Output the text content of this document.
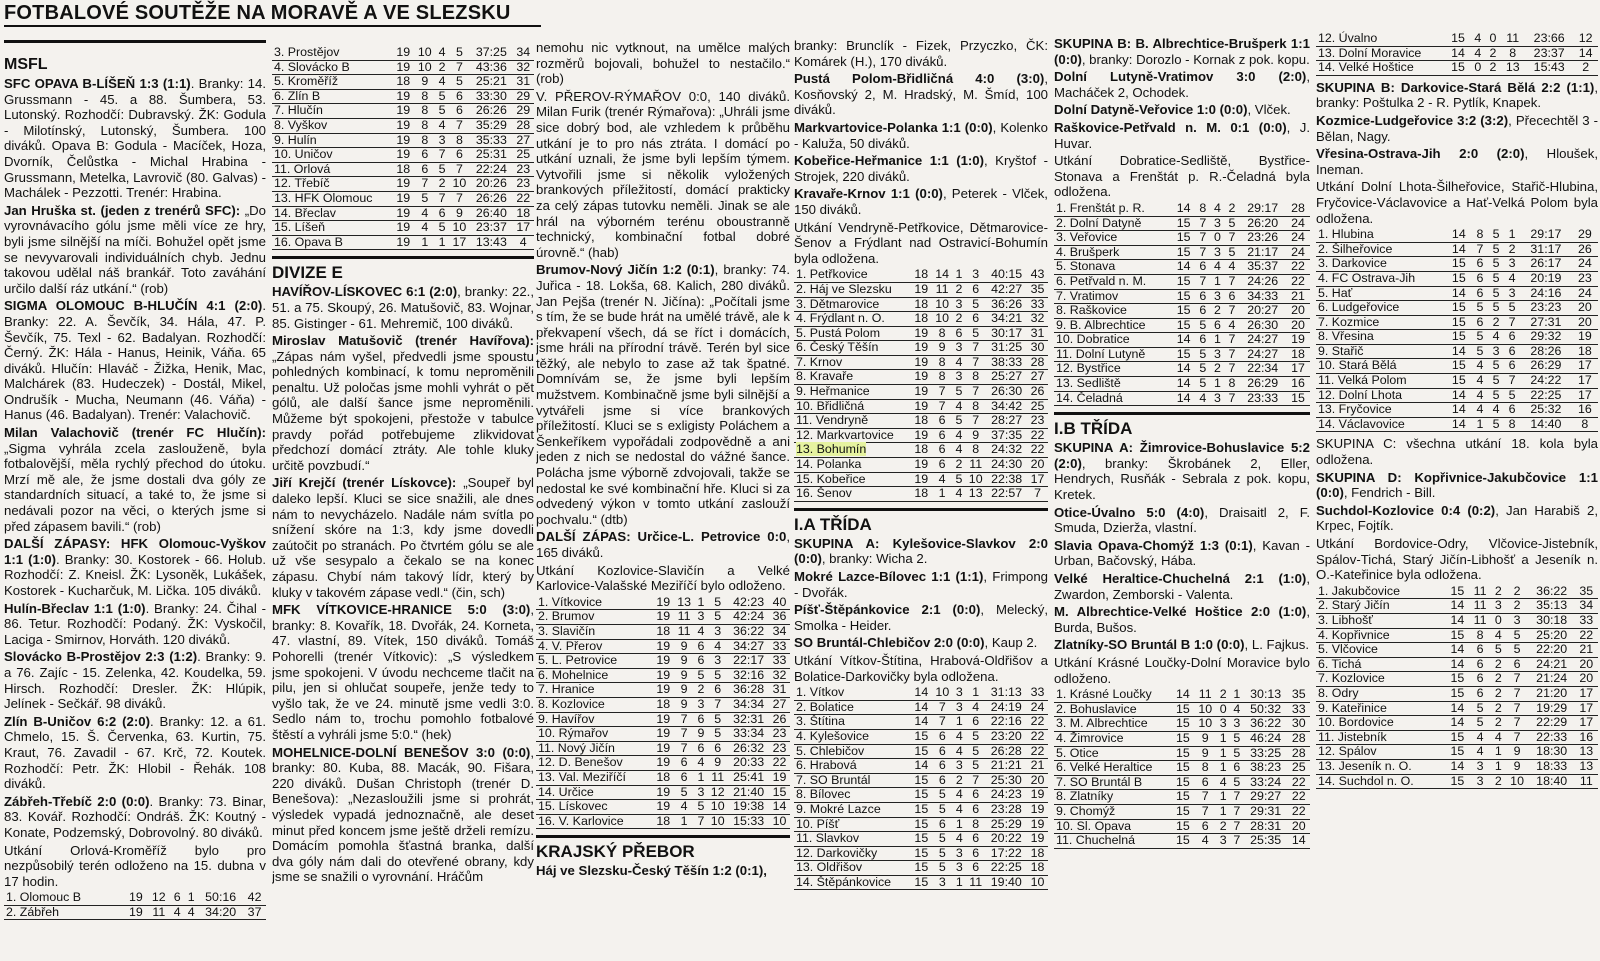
FOTBALOVÉ SOUTĚŽE NA MORAVĚ A VE SLEZSKU
MSFL

SFC OPAVA B-LÍŠEŇ 1:3 (1:1). Branky: 14. Grussmann - 45. a 88. Šumbera, 53. Lutonský. Rozhodčí: Dubravský. ŽK: Godula - Milotínský, Lutonský, Šumbera. 100 diváků. Opava B: Godula - Macíček, Hoza, Dvorník, Čelůstka - Michal Hrabina - Grussmann, Metelka, Lavrovič (80. Galvas) - Machálek - Pezzotti. Trenér: Hrabina.

Jan Hruška st. (jeden z trenérů SFC): „Do vyrovnávacího gólu jsme měli více ze hry, byli jsme silnější na míči. Bohužel opět jsme se nevyvarovali individuálních chyb. Jednu takovou udělal náš brankář. Toto zaváhání určilo další ráz utkání.“ (rob)

SIGMA OLOMOUC B-HLUČÍN 4:1 (2:0). Branky: 22. A. Ševčík, 34. Hála, 47. P. Ševčík, 75. Texl - 62. Badalyan. Rozhodčí: Černý. ŽK: Hála - Hanus, Heinik, Váňa. 65 diváků. Hlučín: Hlaváč - Žižka, Henik, Mac, Malchárek (83. Hudeczek) - Dostál, Mikel, Ondrušík - Mucha, Neumann (46. Váňa) - Hanus (46. Badalyan). Trenér: Valachovič.

Milan Valachovič (trenér FC Hlučín): „Sigma vyhrála zcela zaslouženě, byla fotbalovější, měla rychlý přechod do útoku. Mrzí mě ale, že jsme dostali dva góly ze standardních situací, a také to, že jsme si nedávali pozor na věci, o kterých jsme si před zápasem bavili.“ (rob)

DALŠÍ ZÁPASY: HFK Olomouc-Vyškov 1:1 (1:0). Branky: 30. Kostorek - 66. Holub. Rozhodčí: Z. Kneisl. ŽK: Lysoněk, Lukášek, Kostorek - Kucharčuk, M. Lička. 105 diváků.

Hulín-Břeclav 1:1 (1:0). Branky: 24. Čihal - 86. Tetur. Rozhodčí: Podaný. ŽK: Vyskočil, Laciga - Smirnov, Horváth. 120 diváků.

Slovácko B-Prostějov 2:3 (1:2). Branky: 9. a 76. Zajíc - 15. Zelenka, 42. Koudelka, 59. Hirsch. Rozhodčí: Dresler. ŽK: Hlúpik, Jelínek - Sečkář. 98 diváků.

Zlín B-Uničov 6:2 (2:0). Branky: 12. a 61. Chmelo, 15. Š. Červenka, 63. Kurtin, 75. Kraut, 76. Zavadil - 67. Krč, 72. Koutek. Rozhodčí: Petr. ŽK: Hlobil - Řehák. 108 diváků.

Zábřeh-Třebíč 2:0 (0:0). Branky: 73. Binar, 83. Kovář. Rozhodčí: Ondráš. ŽK: Koutný - Konate, Podzemský, Dobrovolný. 80 diváků.

Utkání Orlová-Kroměříž bylo pro nezpůsobilý terén odloženo na 15. dubna v 17 hodin.

1. Olomouc B	19	12	6	1	50:16	42
2. Zábřeh	19	11	4	4	34:20	37
3. Prostějov	19	10	4	5	37:25	34
4. Slovácko B	19	10	2	7	43:36	32
5. Kroměříž	18	9	4	5	25:21	31
6. Zlín B	19	8	5	6	33:30	29
7. Hlučín	19	8	5	6	26:26	29
8. Vyškov	19	8	4	7	35:29	28
9. Hulín	19	8	3	8	35:33	27
10. Uničov	19	6	7	6	25:31	25
11. Orlová	18	6	5	7	22:24	23
12. Třebíč	19	7	2	10	20:26	23
13. HFK Olomouc	19	5	7	7	26:26	22
14. Břeclav	19	4	6	9	26:40	18
15. Líšeň	19	4	5	10	23:37	17
16. Opava B	19	1	1	17	13:43	4
DIVIZE E

HAVÍŘOV-LÍSKOVEC 6:1 (2:0), branky: 22., 51. a 75. Skoupý, 26. Matušovič, 83. Wojnar, 85. Gistinger - 61. Mehremič, 100 diváků.

Miroslav Matušovič (trenér Havířova): „Zápas nám vyšel, předvedli jsme spoustu pohledných kombinací, k tomu neproměnili penaltu. Už poločas jsme mohli vyhrát o pět gólů, ale další šance jsme neproměnili. Můžeme být spokojeni, přestože v tabulce pravdy pořád potřebujeme zlikvidovat předchozí domácí ztráty. Ale tohle kluky určitě povzbudí.“

Jiří Krejčí (trenér Lískovce): „Soupeř byl daleko lepší. Kluci se sice snažili, ale dnes nám to nevycházelo. Nadále nám svítla po snížení skóre na 1:3, kdy jsme dovedli zaútočit po stranách. Po čtvrtém gólu se ale už vše sesypalo a čekalo se na konec zápasu. Chybí nám takový lídr, který by kluky v takovém zápase vedl.“ (čin, sch)

MFK VÍTKOVICE-HRANICE 5:0 (3:0), branky: 8. Kovařík, 18. Dvořák, 24. Kornetа, 47. vlastní, 89. Vítek, 150 diváků. Tomáš Pohorelli (trenér Vítkovic): „S výsledkem jsme spokojeni. V úvodu nechceme tlačit na pilu, jen si ohlučat soupeře, jenže tedy to vyšlo tak, že ve 24. minutě jsme vedli 3:0. Sedlo nám to, trochu pomohlo fotbalové štěstí a vyhráli jsme 5:0.“ (hek)

MOHELNICE-DOLNÍ BENEŠOV 3:0 (0:0), branky: 80. Kuba, 88. Macák, 90. Fišara, 220 diváků. Dušan Christoph (trenér D. Benešova): „Nezasloužili jsme si prohrát, výsledek vypadá jednoznačně, ale deset minut před koncem jsme ještě drželi remízu. Domácím pomohla šťastná branka, další dva góly nám dali do otevřené obrany, kdy jsme se snažili o vyrovnání. Hráčům

nemohu nic vytknout, na umělce malých rozměrů bojovali, bohužel to nestačilo.“ (rob)

V. PŘEROV-RÝMAŘOV 0:0, 140 diváků. Milan Furik (trenér Rýmařova): „Uhráli jsme sice dobrý bod, ale vzhledem k průběhu utkání je to pro nás ztráta. I domácí po utkání uznali, že jsme byli lepším týmem. Vytvořili jsme si několik vyložených brankových příležitostí, domácí prakticky za celý zápas tutovku neměli. Jinak se ale hrál na výborném terénu oboustranně technický, kombinační fotbal dobré úrovně.“ (hab)

Brumov-Nový Jičín 1:2 (0:1), branky: 74. Juřica - 18. Lokša, 68. Kalich, 280 diváků. Jan Pejša (trenér N. Jičína): „Počítali jsme s tím, že se bude hrát na umělé trávě, ale k překvapení všech, dá se říct i domácích, jsme hráli na přírodní trávě. Terén byl sice těžký, ale nebylo to zase až tak špatné. Domnívám se, že jsme byli lepším mužstvem. Kombinačně jsme byli silnější a vytvářeli jsme si více brankových příležitostí. Kluci se s exligisty Poláchem a Šenkeříkem vypořádali zodpovědně a ani jeden z nich se nedostal do vážné šance. Polácha jsme výborně zdvojovali, takže se nedostal ke své kombinační hře. Kluci si za odvedený výkon v tomto utkání zaslouží pochvalu.“ (dtb)

DALŠÍ ZÁPAS: Určice-L. Petrovice 0:0, 165 diváků.

Utkání Kozlovice-Slavičín a Velké Karlovice-Valašské Meziříčí bylo odloženo.

1. Vítkovice	19	13	1	5	42:23	40
2. Brumov	19	11	3	5	42:24	36
3. Slavičín	18	11	4	3	36:22	34
4. V. Přerov	19	9	6	4	34:27	33
5. L. Petrovice	19	9	6	3	22:17	33
6. Mohelnice	19	9	5	5	32:16	32
7. Hranice	19	9	2	6	36:28	31
8. Kozlovice	18	9	3	7	34:34	27
9. Havířov	19	7	6	5	32:31	26
10. Rýmařov	19	7	9	5	33:34	23
11. Nový Jičín	19	7	6	6	26:32	23
12. D. Benešov	19	6	4	9	20:33	22
13. Val. Meziříčí	18	6	1	11	25:41	19
14. Určice	19	5	3	12	21:40	15
15. Lískovec	19	4	5	10	19:38	14
16. V. Karlovice	18	1	7	10	15:33	10
KRAJSKÝ PŘEBOR

Háj ve Slezsku-Český Těšín 1:2 (0:1),

branky: Brunclík - Fizek, Przyczko, ČK: Komárek (H.), 170 diváků.

Pustá Polom-Břidličná 4:0 (3:0), Kosňovský 2, M. Hradský, M. Šmíd, 100 diváků.

Markvartovice-Polanka 1:1 (0:0), Kolenko - Kaluža, 50 diváků.

Kobeřice-Heřmanice 1:1 (1:0), Kryštof - Strojek, 220 diváků.

Kravaře-Krnov 1:1 (0:0), Peterek - Vlček, 150 diváků.

Utkání Vendryně-Petřkovice, Dětmarovice-Šenov a Frýdlant nad Ostravicí-Bohumín byla odložena.

1. Petřkovice	18	14	1	3	40:15	43
2. Háj ve Slezsku	19	11	2	6	42:27	35
3. Dětmarovice	18	10	3	5	36:26	33
4. Frýdlant n. O.	18	10	2	6	34:21	32
5. Pustá Polom	19	8	6	5	30:17	31
6. Český Těšín	19	9	3	7	31:25	30
7. Krnov	19	8	4	7	38:33	28
8. Kravaře	19	8	3	8	25:27	27
9. Heřmanice	19	7	5	7	26:30	26
10. Břidličná	19	7	4	8	34:42	25
11. Vendryně	18	6	5	7	28:27	23
12. Markvartovice	19	6	4	9	37:35	22
13. Bohumín	18	6	4	8	24:32	22
14. Polanka	19	6	2	11	24:30	20
15. Kobeřice	19	4	5	10	22:38	17
16. Šenov	18	1	4	13	22:57	7
I.A TŘÍDA

SKUPINA A: Kylešovice-Slavkov 2:0 (0:0), branky: Wicha 2.

Mokré Lazce-Bílovec 1:1 (1:1), Frimpong - Dvořák.

Píšť-Štěpánkovice 2:1 (0:0), Melecký, Smolka - Heider.

SO Bruntál-Chlebičov 2:0 (0:0), Kaup 2.

Utkání Vítkov-Štítina, Hrabová-Oldřišov a Bolatice-Darkovičky byla odložena.

1. Vítkov	14	10	3	1	31:13	33
2. Bolatice	14	7	3	4	24:19	24
3. Štítina	14	7	1	6	22:16	22
4. Kylešovice	15	6	4	5	23:20	22
5. Chlebičov	15	6	4	5	26:28	22
6. Hrabová	14	6	3	5	21:21	21
7. SO Bruntál	15	6	2	7	25:30	20
8. Bílovec	15	5	4	6	24:23	19
9. Mokré Lazce	15	5	4	6	23:28	19
10. Píšť	15	6	1	8	25:29	19
11. Slavkov	15	5	4	6	20:22	19
12. Darkovičky	15	5	3	6	17:22	18
13. Oldřišov	15	5	3	6	22:25	18
14. Štěpánkovice	15	3	1	11	19:40	10

SKUPINA B: B. Albrechtice-Brušperk 1:1 (0:0), branky: Dorozlo - Kornak z pok. kopu.

Dolní Lutyně-Vratimov 3:0 (2:0), Macháček 2, Ochodek.

Dolní Datyně-Veřovice 1:0 (0:0), Vlček.

Raškovice-Petřvald n. M. 0:1 (0:0), J. Huvar.

Utkání Dobratice-Sedliště, Bystřice-Stonava a Frenštát p. R.-Čeladná byla odložena.

1. Frenštát p. R.	14	8	4	2	29:17	28
2. Dolní Datyně	15	7	3	5	26:20	24
3. Veřovice	15	7	0	7	23:26	24
4. Brušperk	15	7	3	5	21:17	24
5. Stonava	14	6	4	4	35:37	22
6. Petřvald n. M.	15	7	1	7	24:26	22
7. Vratimov	15	6	3	6	34:33	21
8. Raškovice	15	6	2	7	20:27	20
9. B. Albrechtice	15	5	6	4	26:30	20
10. Dobratice	14	6	1	7	24:27	19
11. Dolní Lutyně	15	5	3	7	24:27	18
12. Bystřice	14	5	2	7	22:34	17
13. Sedliště	14	5	1	8	26:29	16
14. Čeladná	14	4	3	7	23:33	15
I.B TŘÍDA

SKUPINA A: Žimrovice-Bohuslavice 5:2 (2:0), branky: Škrobánek 2, Eller, Hendrych, Rusňák - Sebrala z pok. kopu, Kretek.

Otice-Úvalno 5:0 (4:0), Draisaitl 2, F. Smuda, Dzierža, vlastní.

Slavia Opava-Chomýž 1:3 (0:1), Kavan - Urban, Bačovský, Hába.

Velké Heraltice-Chuchelná 2:1 (1:0), Zwardon, Zemborski - Valenta.

M. Albrechtice-Velké Hoštice 2:0 (1:0), Burda, Bušos.

Zlatníky-SO Bruntál B 1:0 (0:0), L. Fajkus.

Utkání Krásné Loučky-Dolní Moravice bylo odloženo.

1. Krásné Loučky	14	11	2	1	30:13	35
2. Bohuslavice	15	10	0	4	50:32	33
3. M. Albrechtice	15	10	3	3	36:22	30
4. Žimrovice	15	9	1	5	46:24	28
5. Otice	15	9	1	5	33:25	28
6. Velké Heraltice	15	8	1	6	38:23	25
7. SO Bruntál B	15	6	4	5	33:24	22
8. Zlatníky	15	7	1	7	29:27	22
9. Chomýž	15	7	1	7	29:31	22
10. Sl. Opava	15	6	2	7	28:31	20
11. Chuchelná	15	4	3	7	25:35	14
12. Úvalno	15	4	0	11	23:66	12
13. Dolní Moravice	14	4	2	8	23:37	14
14. Velké Hoštice	15	0	2	13	15:43	2

SKUPINA B: Darkovice-Stará Bělá 2:2 (1:1), branky: Poštulka 2 - R. Pytlík, Knapek.

Kozmice-Ludgeřovice 3:2 (3:2), Přecechtěl 3 - Bělan, Nagy.

Vřesina-Ostrava-Jih 2:0 (2:0), Hloušek, Ineman.

Utkání Dolní Lhota-Šilheřovice, Stařič-Hlubina, Fryčovice-Václavovice a Hať-Velká Polom byla odložena.

1. Hlubina	14	8	5	1	29:17	29
2. Šilheřovice	14	7	5	2	31:17	26
3. Darkovice	15	6	5	3	26:17	24
4. FC Ostrava-Jih	15	6	5	4	20:19	23
5. Hať	14	6	5	3	24:16	24
6. Ludgeřovice	15	5	5	5	23:23	20
7. Kozmice	15	6	2	7	27:31	20
8. Vřesina	15	5	4	6	29:32	19
9. Stařič	14	5	3	6	28:26	18
10. Stará Bělá	15	4	5	6	26:29	17
11. Velká Polom	15	4	5	7	24:22	17
12. Dolní Lhota	14	4	5	5	22:25	17
13. Fryčovice	14	4	4	6	25:32	16
14. Václavovice	14	1	5	8	14:40	8

SKUPINA C: všechna utkání 18. kola byla odložena.

SKUPINA D: Kopřivnice-Jakubčovice 1:1 (0:0), Fendrich - Bill.

Suchdol-Kozlovice 0:4 (0:2), Jan Harabiš 2, Krpec, Fojtík.

Utkání Bordovice-Odry, Vlčovice-Jistebník, Spálov-Tichá, Starý Jičín-Libhošť a Jeseník n. O.-Kateřinice byla odložena.

1. Jakubčovice	15	11	2	2	36:22	35
2. Starý Jičín	14	11	3	2	35:13	34
3. Libhošť	14	11	0	3	30:18	33
4. Kopřivnice	15	8	4	5	25:20	22
5. Vlčovice	14	6	5	5	22:20	21
6. Tichá	14	6	2	6	24:21	20
7. Kozlovice	15	6	2	7	21:24	20
8. Odry	15	6	2	7	21:20	17
9. Kateřinice	14	5	2	7	19:29	17
10. Bordovice	14	5	2	7	22:29	17
11. Jistebník	15	4	4	7	22:33	16
12. Spálov	15	4	1	9	18:30	13
13. Jeseník n. O.	14	3	1	9	18:33	13
14. Suchdol n. O.	15	3	2	10	18:40	11
